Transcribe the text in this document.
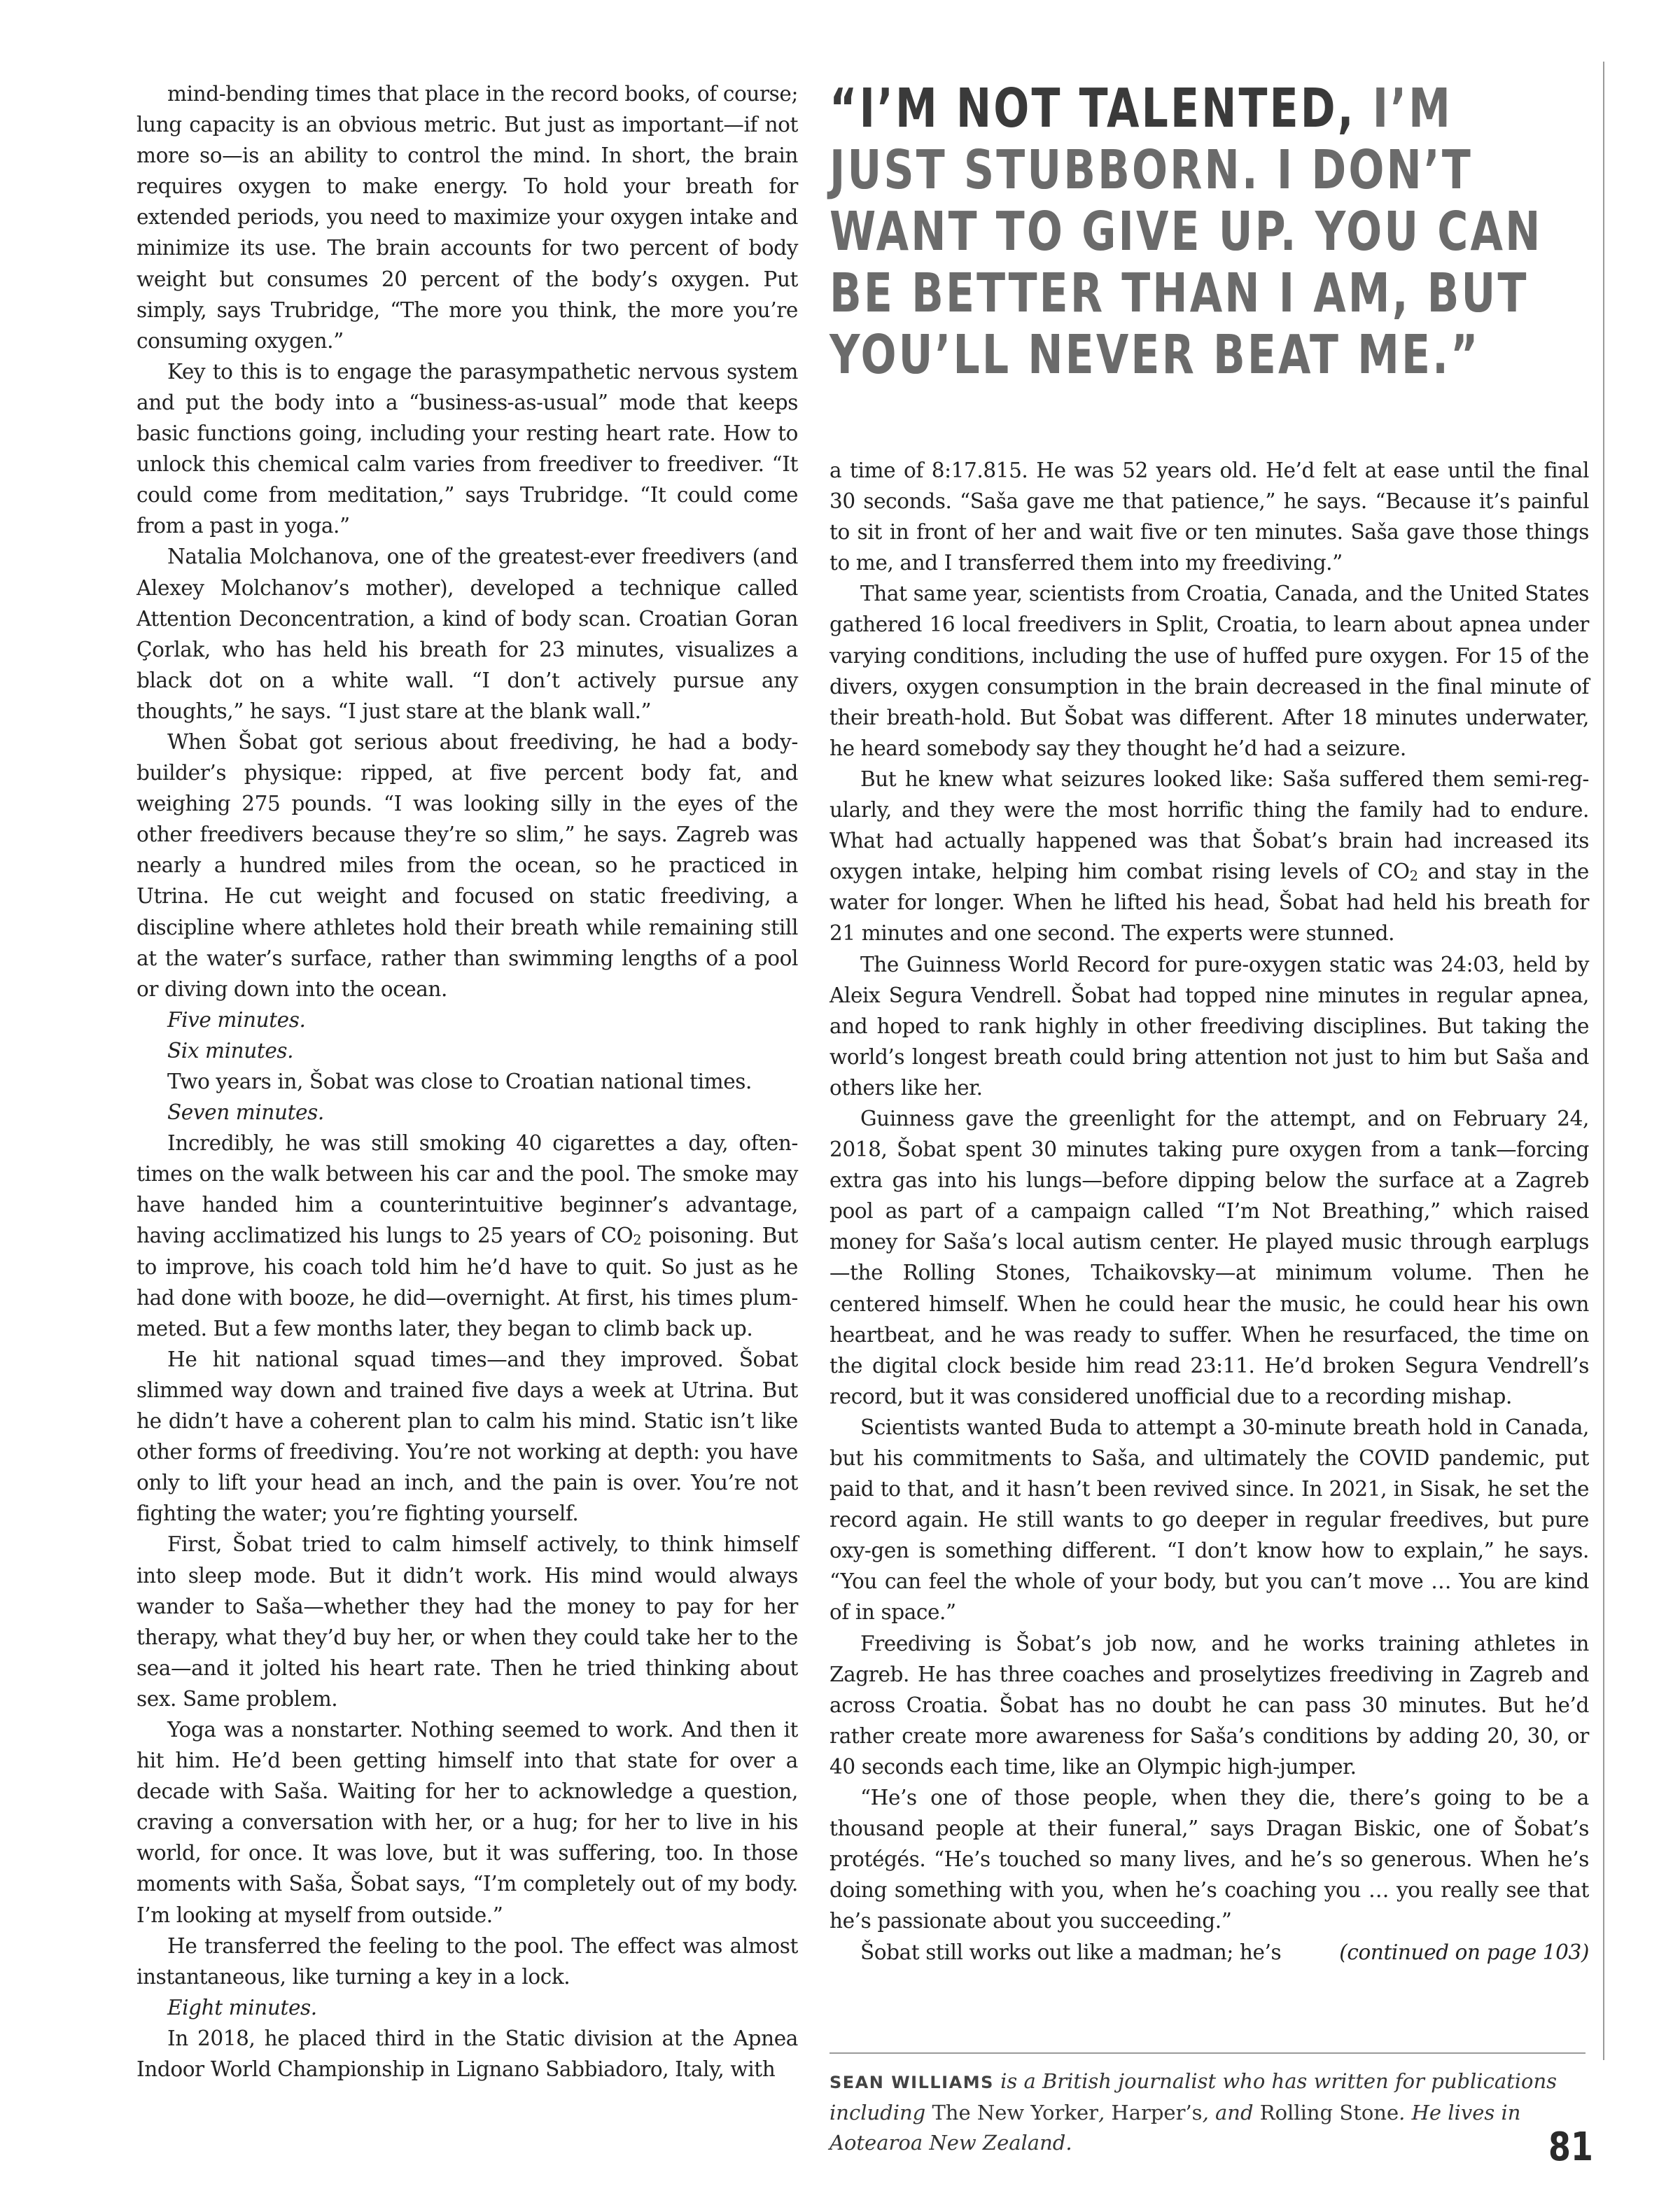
mind-bending times that place in the record books, of course; lung capacity is an obvious metric. But just as important—if not more so—is an ability to control the mind. In short, the brain requires oxygen to make energy. To hold your breath for extended periods, you need to maximize your oxygen intake and minimize its use. The brain accounts for two percent of body weight but consumes 20 percent of the body’s oxygen. Put simply, says Trubridge, “The more you think, the more you’re consuming oxygen.”

Key to this is to engage the parasympathetic nervous system and put the body into a “business-as-usual” mode that keeps basic functions going, including your resting heart rate. How to unlock this chemical calm varies from freediver to freediver. “It could come from meditation,” says Trubridge. “It could come from a past in yoga.”

Natalia Molchanova, one of the greatest-ever freedivers (and Alexey Molchanov’s mother), developed a technique called Attention Deconcentration, a kind of body scan. Croatian Goran Çorlak, who has held his breath for 23 minutes, visualizes a black dot on a white wall. “I don’t actively pursue any thoughts,” he says. “I just stare at the blank wall.”

When Šobat got serious about freediving, he had a body-builder’s physique: ripped, at five percent body fat, and weighing 275 pounds. “I was looking silly in the eyes of the other freedivers because they’re so slim,” he says. Zagreb was nearly a hundred miles from the ocean, so he practiced in Utrina. He cut weight and focused on static freediving, a discipline where athletes hold their breath while remaining still at the water’s surface, rather than swimming lengths of a pool or diving down into the ocean.

Five minutes.

Six minutes.

Two years in, Šobat was close to Croatian national times.

Seven minutes.

Incredibly, he was still smoking 40 cigarettes a day, often-times on the walk between his car and the pool. The smoke may have handed him a counterintuitive beginner’s advantage, having acclimatized his lungs to 25 years of CO2 poisoning. But to improve, his coach told him he’d have to quit. So just as he had done with booze, he did—overnight. At first, his times plum-meted. But a few months later, they began to climb back up.

He hit national squad times—and they improved. Šobat slimmed way down and trained five days a week at Utrina. But he didn’t have a coherent plan to calm his mind. Static isn’t like other forms of freediving. You’re not working at depth: you have only to lift your head an inch, and the pain is over. You’re not fighting the water; you’re fighting yourself.

First, Šobat tried to calm himself actively, to think himself into sleep mode. But it didn’t work. His mind would always wander to Saša—whether they had the money to pay for her therapy, what they’d buy her, or when they could take her to the sea—and it jolted his heart rate. Then he tried thinking about sex. Same problem.

Yoga was a nonstarter. Nothing seemed to work. And then it hit him. He’d been getting himself into that state for over a decade with Saša. Waiting for her to acknowledge a question, craving a conversation with her, or a hug; for her to live in his world, for once. It was love, but it was suffering, too. In those moments with Saša, Šobat says, “I’m completely out of my body. I’m looking at myself from outside.”

He transferred the feeling to the pool. The effect was almost instantaneous, like turning a key in a lock.

Eight minutes.

In 2018, he placed third in the Static division at the Apnea Indoor World Championship in Lignano Sabbiadoro, Italy, with

“I’M NOT TALENTED, I’M
JUST STUBBORN. I DON’T
WANT TO GIVE UP. YOU CAN
BE BETTER THAN I AM, BUT
YOU’LL NEVER BEAT ME.”

a time of 8:17.815. He was 52 years old. He’d felt at ease until the final 30 seconds. “Saša gave me that patience,” he says. “Because it’s painful to sit in front of her and wait five or ten minutes. Saša gave those things to me, and I transferred them into my freediving.”

That same year, scientists from Croatia, Canada, and the United States gathered 16 local freedivers in Split, Croatia, to learn about apnea under varying conditions, including the use of huffed pure oxygen. For 15 of the divers, oxygen consumption in the brain decreased in the final minute of their breath-hold. But Šobat was different. After 18 minutes underwater, he heard somebody say they thought he’d had a seizure.

But he knew what seizures looked like: Saša suffered them semi-reg-ularly, and they were the most horrific thing the family had to endure. What had actually happened was that Šobat’s brain had increased its oxygen intake, helping him combat rising levels of CO2 and stay in the water for longer. When he lifted his head, Šobat had held his breath for 21 minutes and one second. The experts were stunned.

The Guinness World Record for pure-oxygen static was 24:03, held by Aleix Segura Vendrell. Šobat had topped nine minutes in regular apnea, and hoped to rank highly in other freediving disciplines. But taking the world’s longest breath could bring attention not just to him but Saša and others like her.

Guinness gave the greenlight for the attempt, and on February 24, 2018, Šobat spent 30 minutes taking pure oxygen from a tank—forcing extra gas into his lungs—before dipping below the surface at a Zagreb pool as part of a campaign called “I’m Not Breathing,” which raised money for Saša’s local autism center. He played music through earplugs—the Rolling Stones, Tchaikovsky—at minimum volume. Then he centered himself. When he could hear the music, he could hear his own heartbeat, and he was ready to suffer. When he resurfaced, the time on the digital clock beside him read 23:11. He’d broken Segura Vendrell’s record, but it was considered unofficial due to a recording mishap.

Scientists wanted Buda to attempt a 30-minute breath hold in Canada, but his commitments to Saša, and ultimately the COVID pandemic, put paid to that, and it hasn’t been revived since. In 2021, in Sisak, he set the record again. He still wants to go deeper in regular freedives, but pure oxy-gen is something different. “I don’t know how to explain,” he says. “You can feel the whole of your body, but you can’t move … You are kind of in space.”

Freediving is Šobat’s job now, and he works training athletes in Zagreb. He has three coaches and proselytizes freediving in Zagreb and across Croatia. Šobat has no doubt he can pass 30 minutes. But he’d rather create more awareness for Saša’s conditions by adding 20, 30, or 40 seconds each time, like an Olympic high-jumper.

“He’s one of those people, when they die, there’s going to be a thousand people at their funeral,” says Dragan Biskic, one of Šobat’s protégés. “He’s touched so many lives, and he’s so generous. When he’s doing something with you, when he’s coaching you … you really see that he’s passionate about you succeeding.”

Šobat still works out like a madman; he’s	(continued on page 103)

SEAN WILLIAMS is a British journalist who has written for publications including The New Yorker, Harper’s, and Rolling Stone. He lives in Aotearoa New Zealand.	81
